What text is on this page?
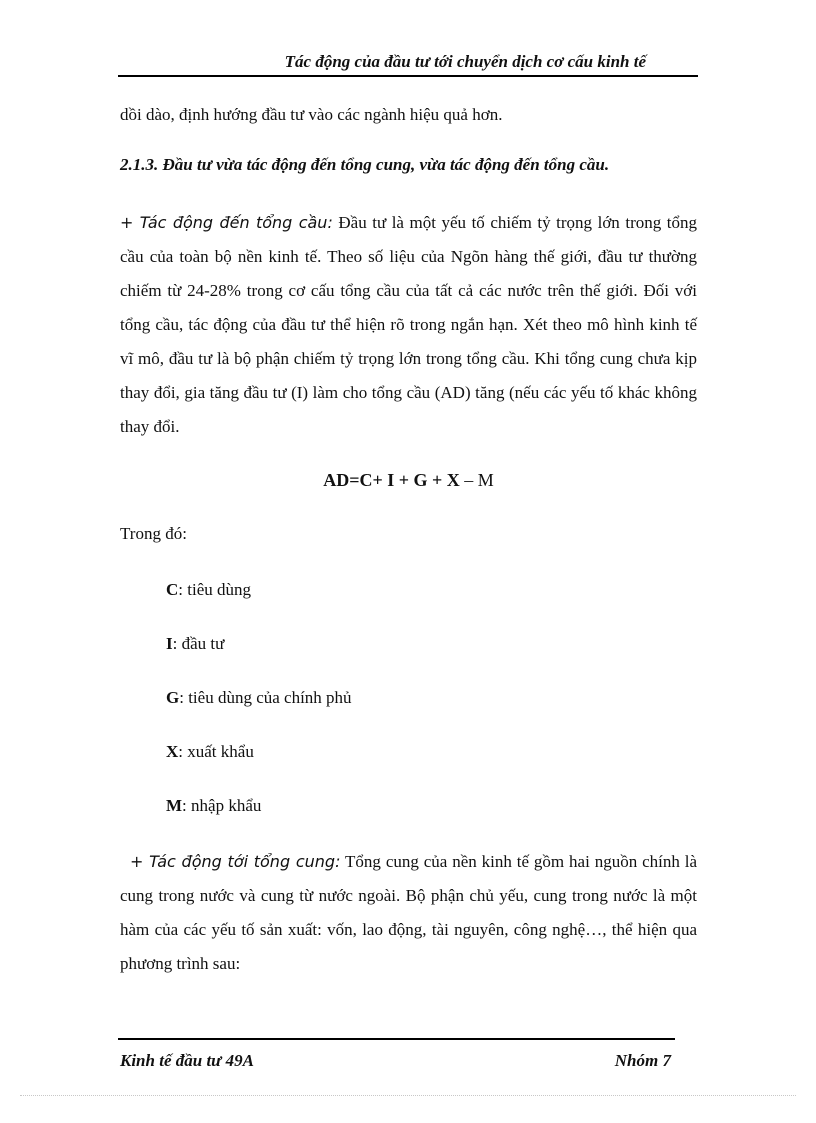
Tác động của đầu tư tới chuyển dịch cơ cấu kinh tế

dồi dào, định hướng đầu tư vào các ngành hiệu quả hơn.

2.1.3. Đầu tư vừa tác động đến tổng cung, vừa tác động đến tổng cầu.

+ Tác động đến tổng cầu: Đầu tư là một yếu tố chiếm tỷ trọng lớn trong tổng cầu của toàn bộ nền kinh tế. Theo số liệu của Ngõn hàng thế giới, đầu tư thường chiếm từ 24-28% trong cơ cấu tổng cầu của tất cả các nước trên thế giới. Đối với tổng cầu, tác động của đầu tư thể hiện rõ trong ngắn hạn. Xét theo mô hình kinh tế vĩ mô, đầu tư là bộ phận chiếm tỷ trọng lớn trong tổng cầu. Khi tổng cung chưa kịp thay đổi, gia tăng đầu tư (I) làm cho tổng cầu (AD) tăng (nếu các yếu tố khác không thay đổi.

AD=C+ I + G + X – M
Trong đó:
C: tiêu dùng
I: đầu tư
G: tiêu dùng của chính phủ
X: xuất khẩu
M: nhập khẩu

+ Tác động tới tổng cung: Tổng cung của nền kinh tế gồm hai nguồn chính là cung trong nước và cung từ nước ngoài. Bộ phận chủ yếu, cung trong nước là một hàm của các yếu tố sản xuất: vốn, lao động, tài nguyên, công nghệ…, thể hiện qua phương trình sau:

Kinh tế đầu tư 49A	Nhóm 7
